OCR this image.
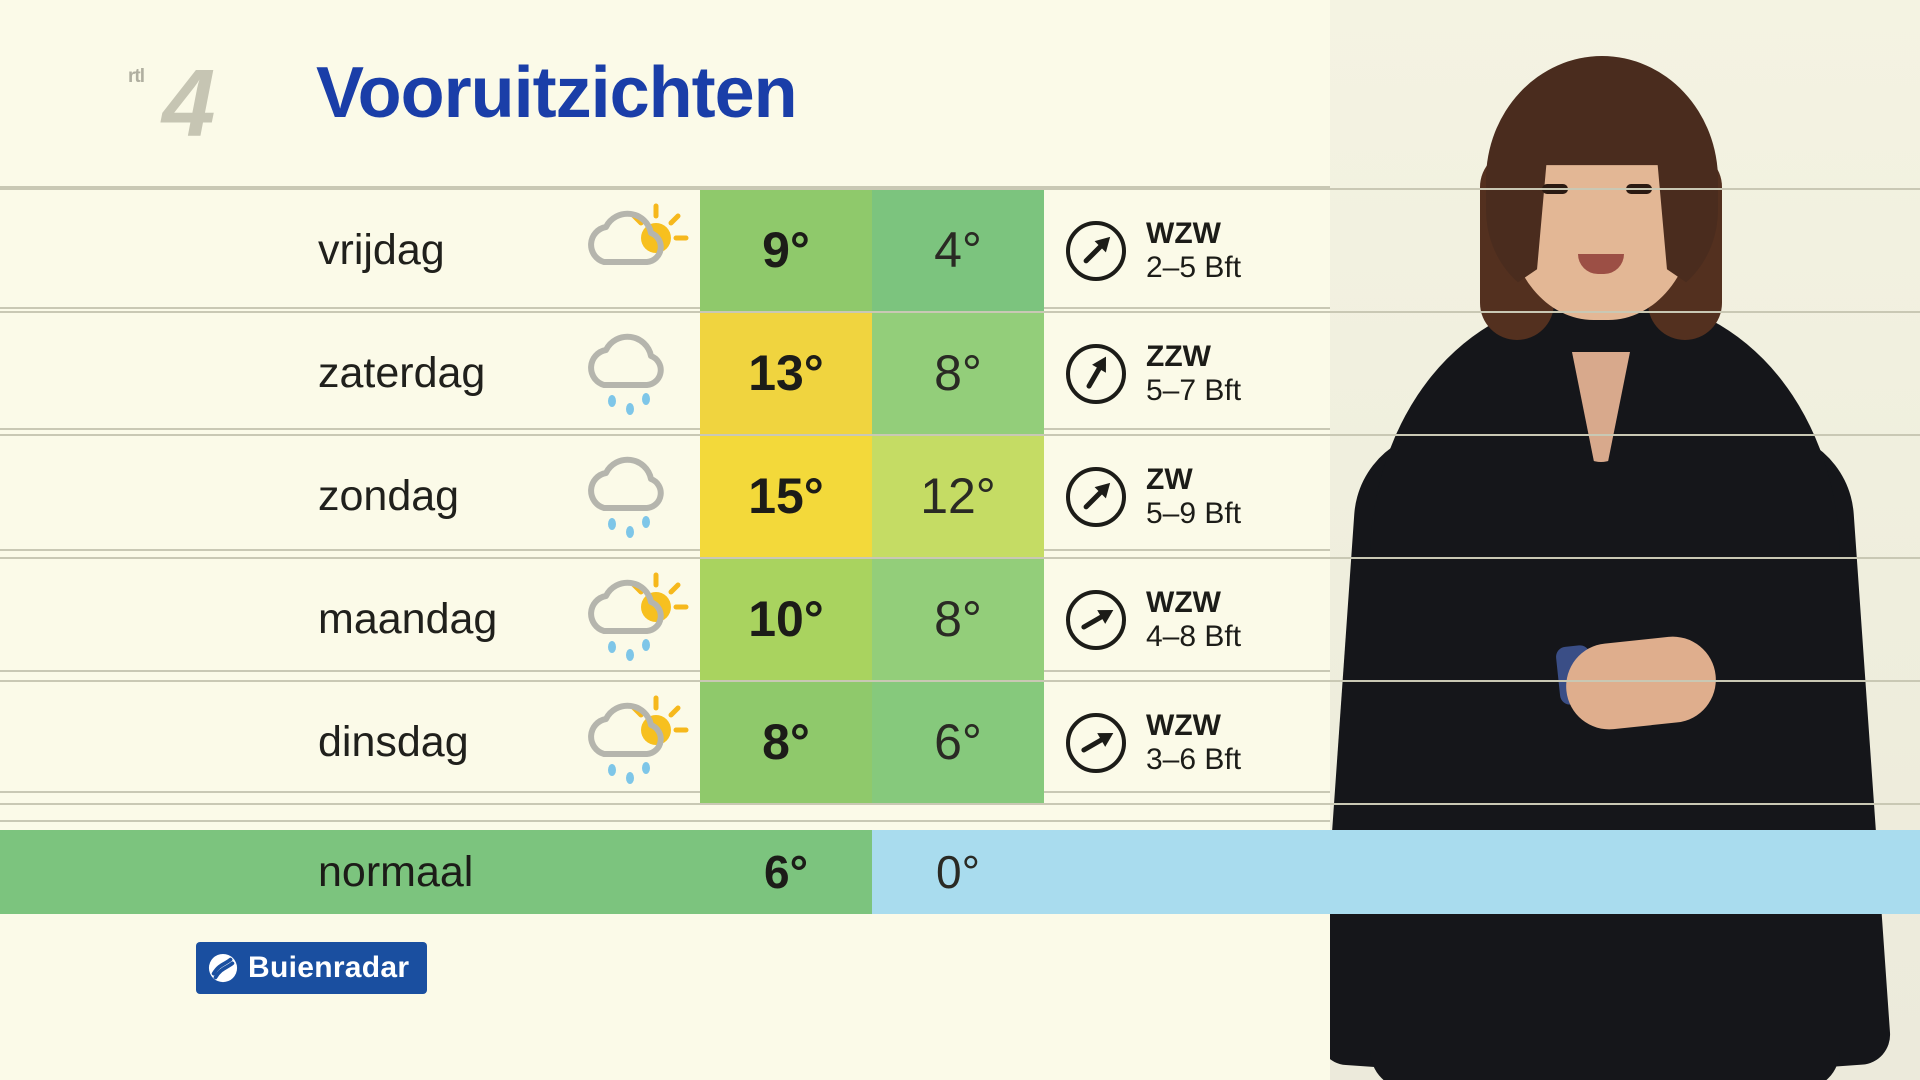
rtl 4 Vooruitzichten
vrijdag	9°	4°	WZW
2–5 Bft
zaterdag	13°	8°	ZZW
5–7 Bft
zondag	15°	12°	ZW
5–9 Bft
maandag	10°	8°	WZW
4–8 Bft
dinsdag	8°	6°	WZW
3–6 Bft
normaal	6°	0°
Buienradar
